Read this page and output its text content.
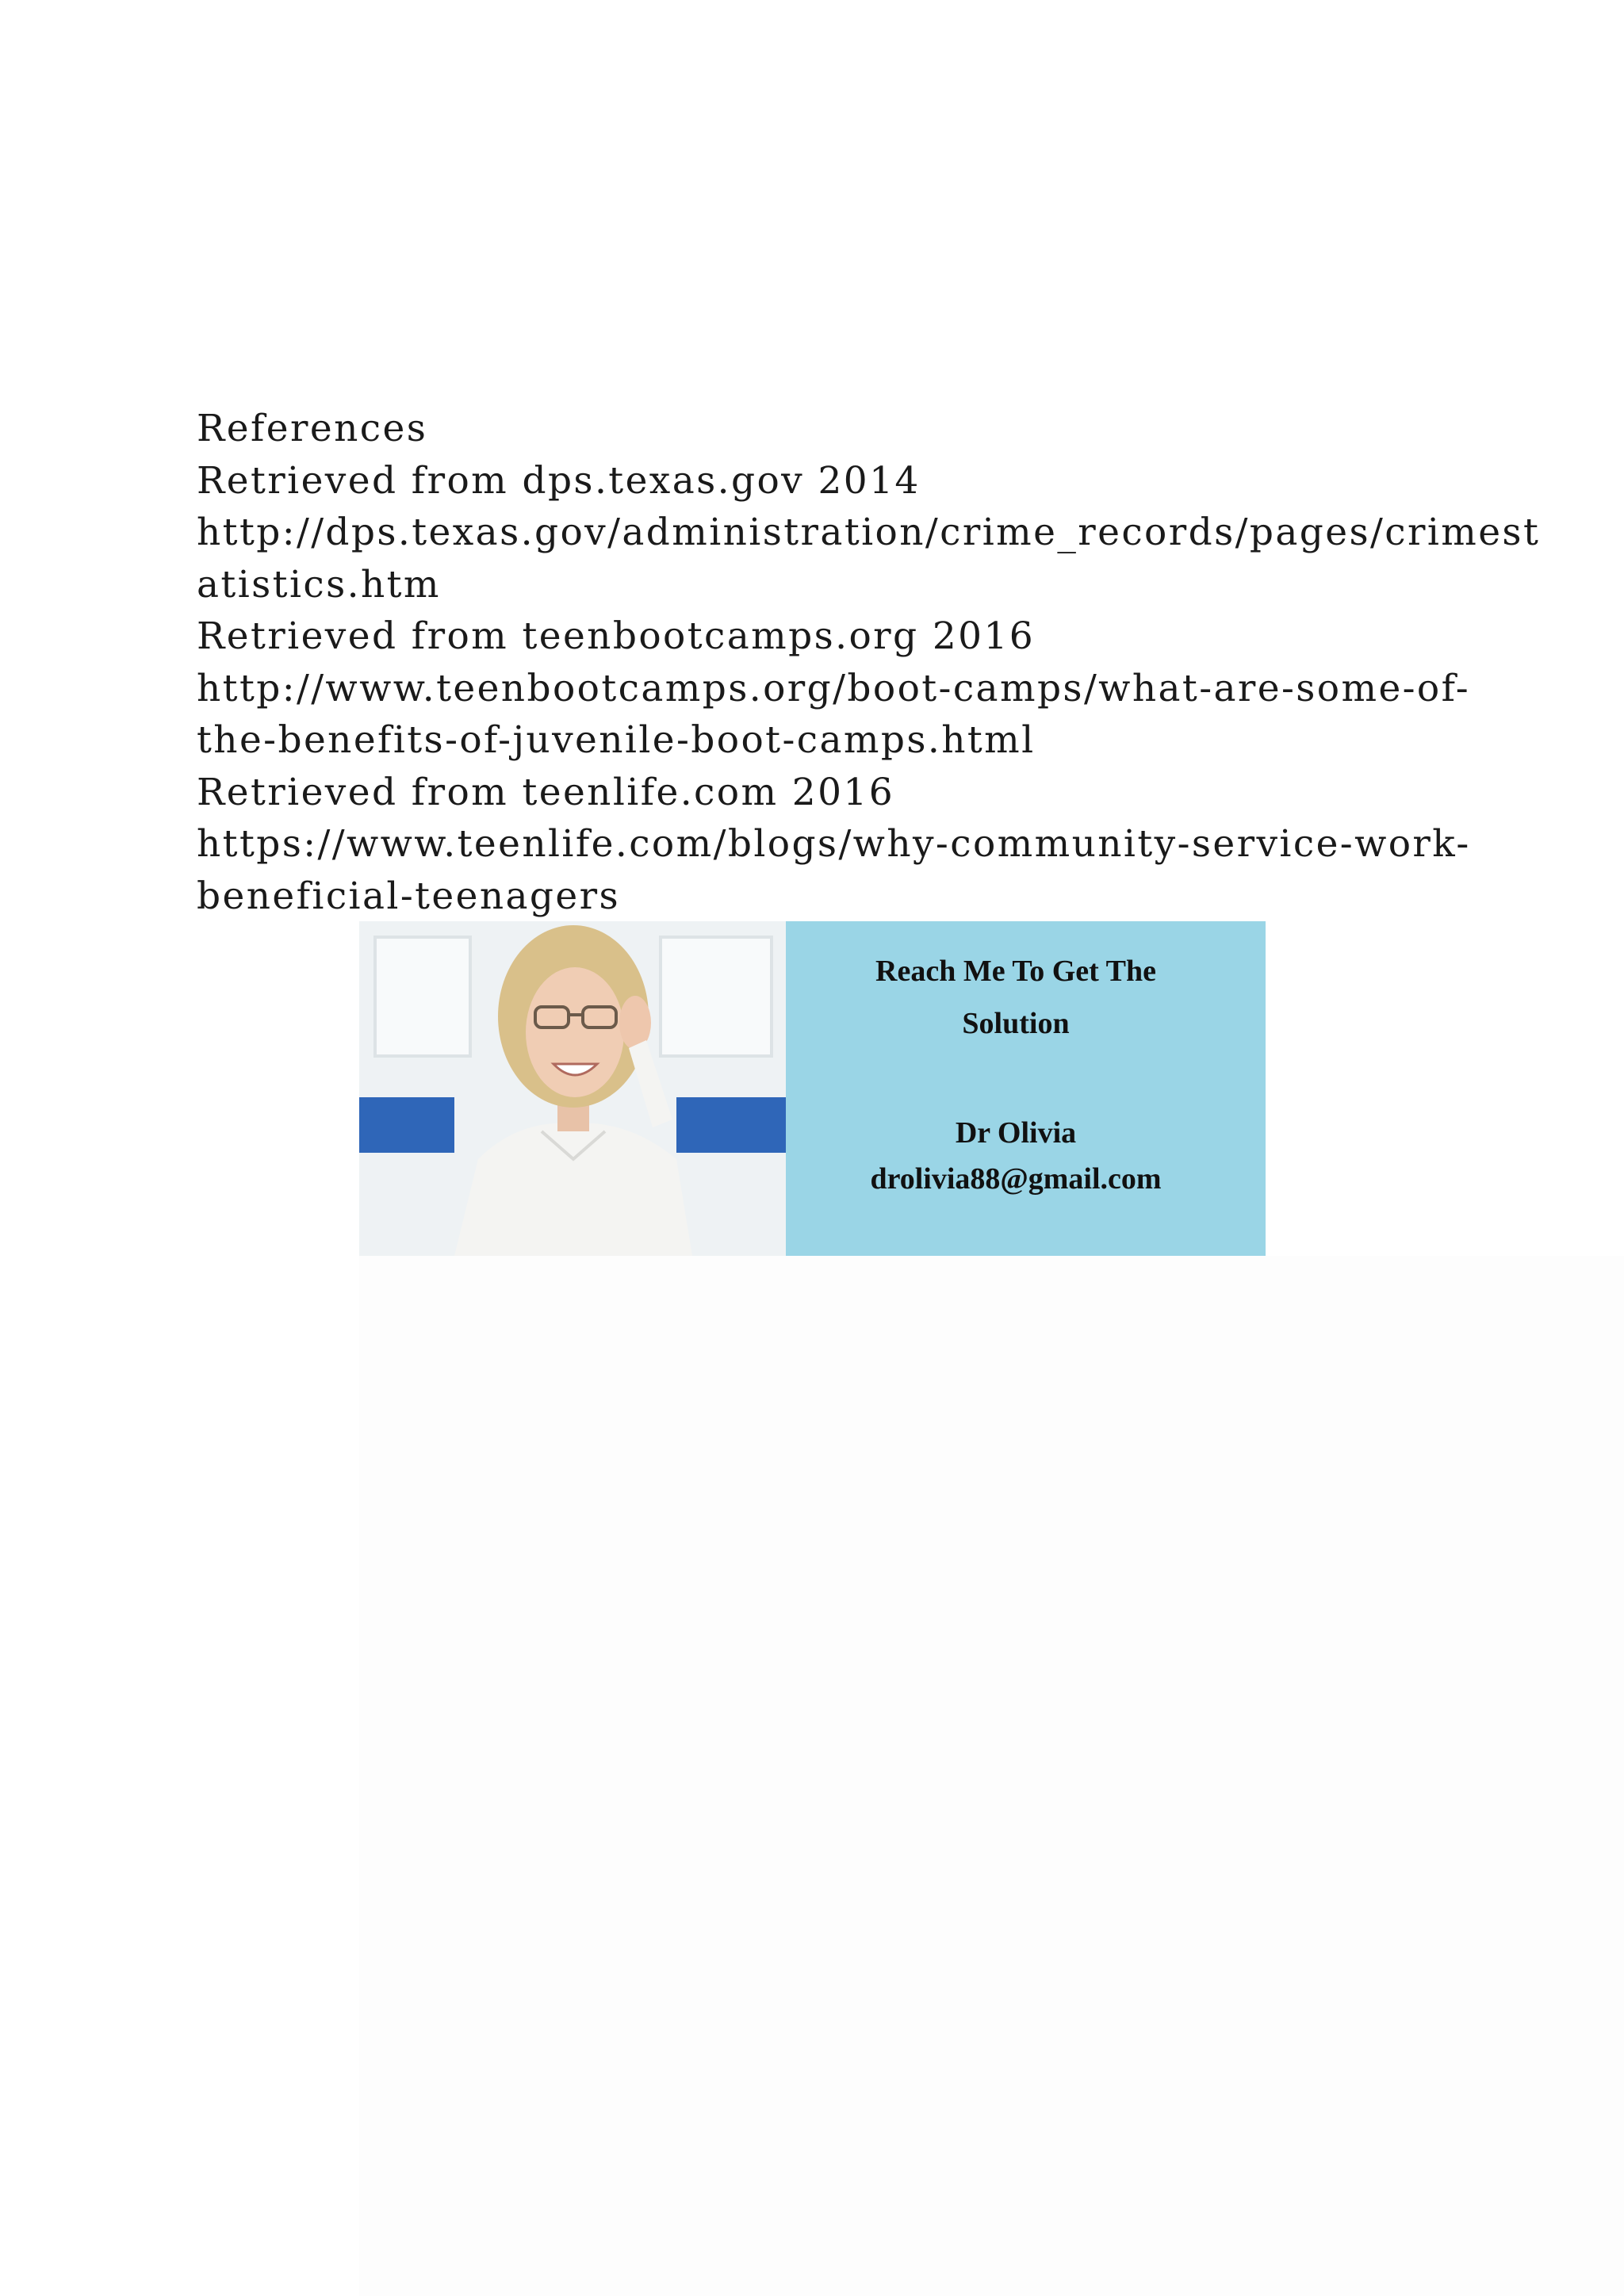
References
Retrieved from dps.texas.gov 2014
http://dps.texas.gov/administration/crime_records/pages/crimest
atistics.htm
Retrieved from teenbootcamps.org 2016
http://www.teenbootcamps.org/boot-camps/what-are-some-of-
the-benefits-of-juvenile-boot-camps.html
Retrieved from teenlife.com 2016
https://www.teenlife.com/blogs/why-community-service-work-
beneficial-teenagers
Reach Me To Get The
Solution
Dr Olivia
drolivia88@gmail.com
